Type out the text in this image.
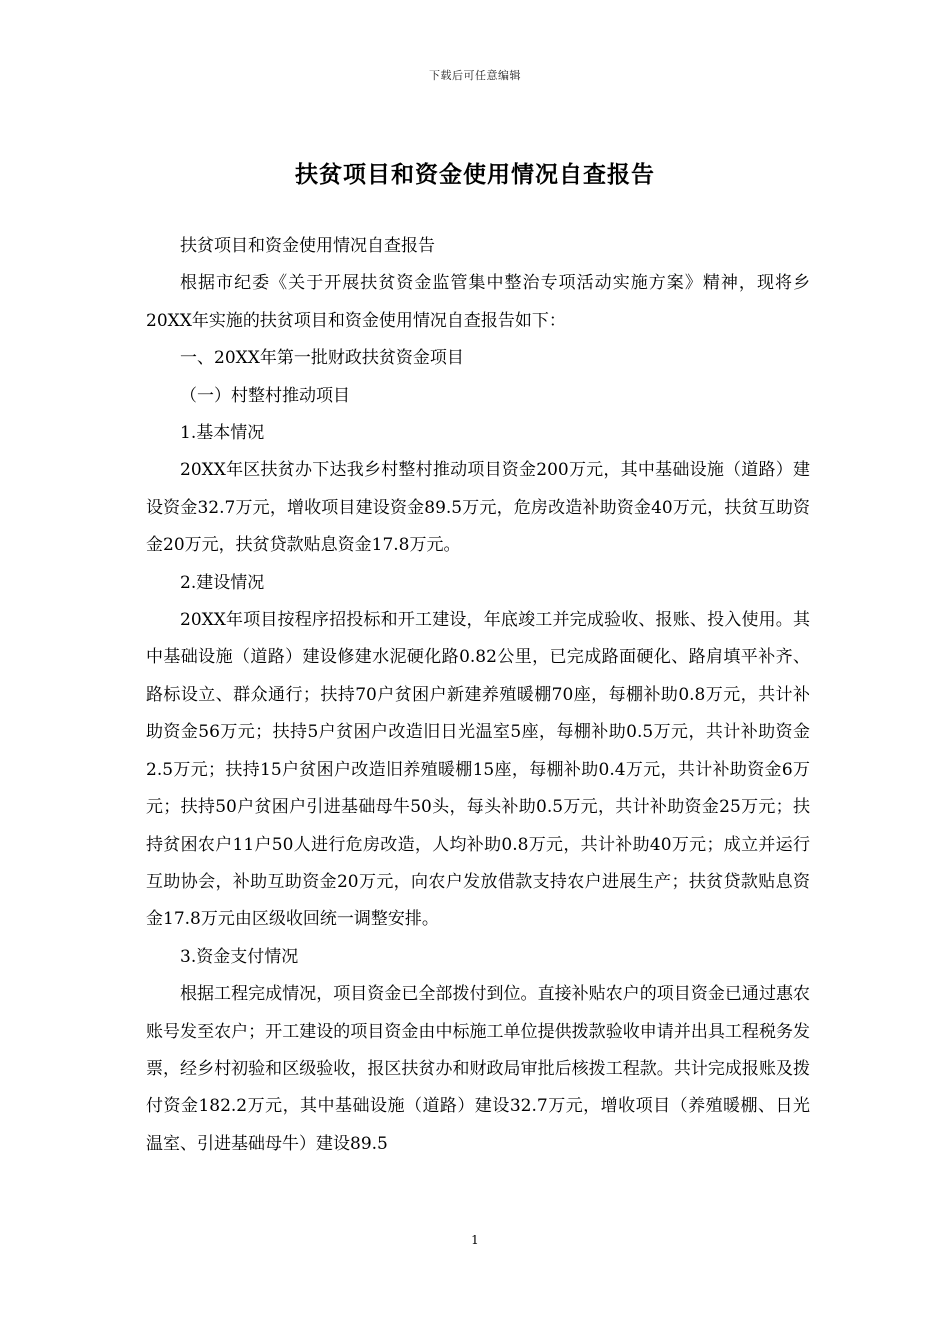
下载后可任意编辑
扶贫项目和资金使用情况自查报告

扶贫项目和资金使用情况自查报告

根据市纪委《关于开展扶贫资金监管集中整治专项活动实施方案》精神，现将乡20XX年实施的扶贫项目和资金使用情况自查报告如下：

一、20XX年第一批财政扶贫资金项目

（一）村整村推动项目

1.基本情况

20XX年区扶贫办下达我乡村整村推动项目资金200万元，其中基础设施（道路）建设资金32.7万元，增收项目建设资金89.5万元，危房改造补助资金40万元，扶贫互助资金20万元，扶贫贷款贴息资金17.8万元。

2.建设情况

20XX年项目按程序招投标和开工建设，年底竣工并完成验收、报账、投入使用。其中基础设施（道路）建设修建水泥硬化路0.82公里，已完成路面硬化、路肩填平补齐、路标设立、群众通行；扶持70户贫困户新建养殖暖棚70座，每棚补助0.8万元，共计补助资金56万元；扶持5户贫困户改造旧日光温室5座，每棚补助0.5万元，共计补助资金2.5万元；扶持15户贫困户改造旧养殖暖棚15座，每棚补助0.4万元，共计补助资金6万元；扶持50户贫困户引进基础母牛50头，每头补助0.5万元，共计补助资金25万元；扶持贫困农户11户50人进行危房改造，人均补助0.8万元，共计补助40万元；成立并运行互助协会，补助互助资金20万元，向农户发放借款支持农户进展生产；扶贫贷款贴息资金17.8万元由区级收回统一调整安排。

3.资金支付情况

根据工程完成情况，项目资金已全部拨付到位。直接补贴农户的项目资金已通过惠农账号发至农户；开工建设的项目资金由中标施工单位提供拨款验收申请并出具工程税务发票，经乡村初验和区级验收，报区扶贫办和财政局审批后核拨工程款。共计完成报账及拨付资金182.2万元，其中基础设施（道路）建设32.7万元，增收项目（养殖暖棚、日光温室、引进基础母牛）建设89.5

1
